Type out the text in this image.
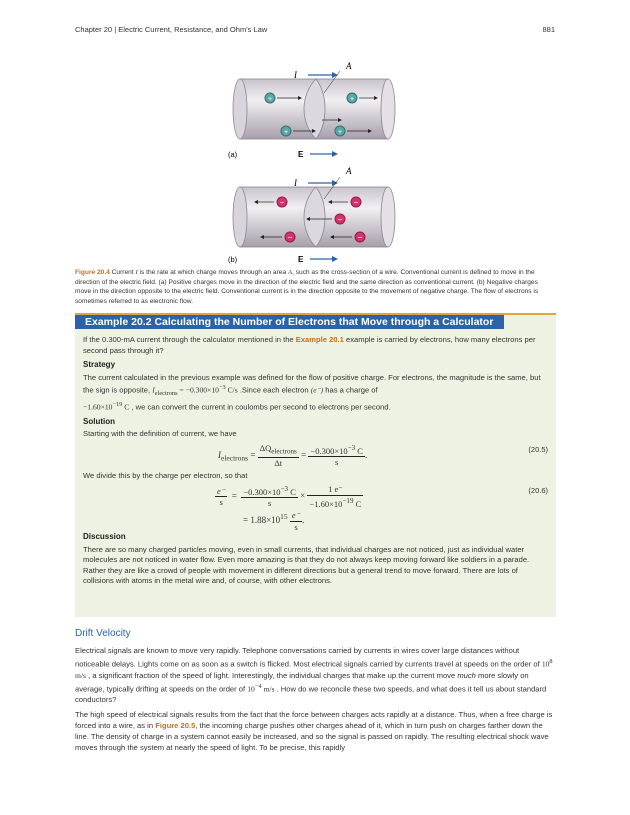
Chapter 20 | Electric Current, Resistance, and Ohm's Law	881
I
A
+	+
+	+
(a)	E
I
A
−	−
−
−	−
(b)	E
Figure 20.4 Current I is the rate at which charge moves through an area A, such as the cross-section of a wire. Conventional current is defined to move in the direction of the electric field. (a) Positive charges move in the direction of the electric field and the same direction as conventional current. (b) Negative charges move in the direction opposite to the electric field. Conventional current is in the direction opposite to the movement of negative charge. The flow of electrons is sometimes referred to as electronic flow.
Example 20.2 Calculating the Number of Electrons that Move through a Calculator

If the 0.300-mA current through the calculator mentioned in the Example 20.1 example is carried by electrons, how many electrons per second pass through it?

Strategy

The current calculated in the previous example was defined for the flow of positive charge. For electrons, the magnitude is the same, but the sign is opposite, $I_{electrons} = -0.300\times 10^{-3}$ C/s .Since each electron (e⁻) has a charge of
$-1.60\times 10^{-19}$ C , we can convert the current in coulombs per second to electrons per second.

Solution

Starting with the definition of current, we have

$I_{electrons} = \frac{\Delta Q_{electrons}}{\Delta t} = \frac{-0.300\times 10^{-3} C}{s}$ .
(20.5)

We divide this by the charge per electron, so that

$\frac{e^-}{s} = \frac{-0.300\times 10^{-3} C}{s} \times \frac{1 e^-}{-1.60\times 10^{-19} C}$
= $1.88\times 10^{15} \frac{e^-}{s}$ .
(20.6)
Discussion

There are so many charged particles moving, even in small currents, that individual charges are not noticed, just as individual water molecules are not noticed in water flow. Even more amazing is that they do not always keep moving forward like soldiers in a parade. Rather they are like a crowd of people with movement in different directions but a general trend to move forward. There are lots of collisions with atoms in the metal wire and, of course, with other electrons.

Drift Velocity

Electrical signals are known to move very rapidly. Telephone conversations carried by currents in wires cover large distances without noticeable delays. Lights come on as soon as a switch is flicked. Most electrical signals carried by currents travel at speeds on the order of $10^8$ m/s , a significant fraction of the speed of light. Interestingly, the individual charges that make up the current move much more slowly on average, typically drifting at speeds on the order of $10^{-4}$ m/s . How do we reconcile these two speeds, and what does it tell us about standard conductors?

The high speed of electrical signals results from the fact that the force between charges acts rapidly at a distance. Thus, when a free charge is forced into a wire, as in Figure 20.5, the incoming charge pushes other charges ahead of it, which in turn push on charges farther down the line. The density of charge in a system cannot easily be increased, and so the signal is passed on rapidly. The resulting electrical shock wave moves through the system at nearly the speed of light. To be precise, this rapidly
